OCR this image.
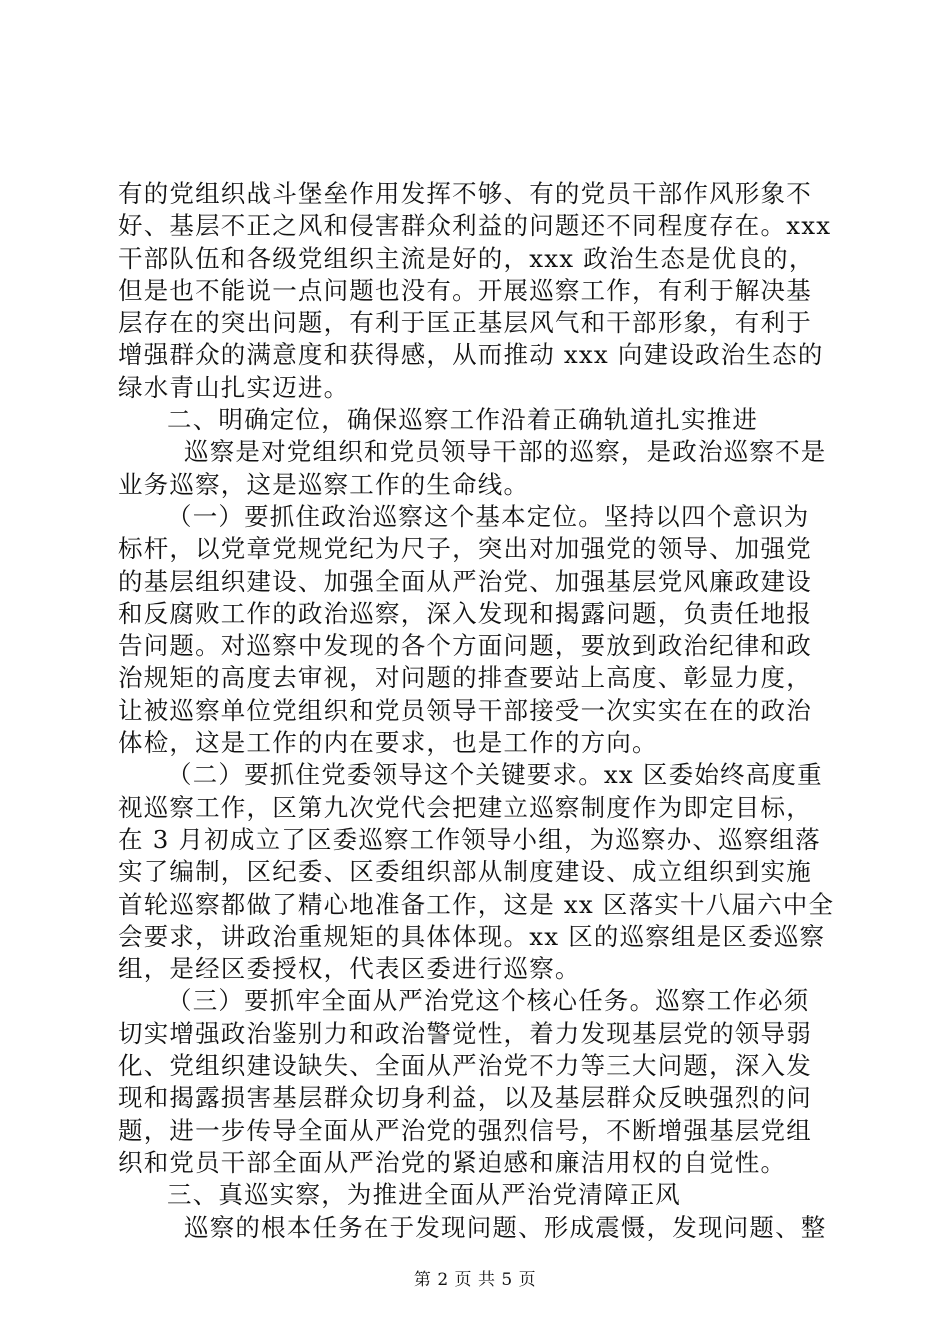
有的党组织战斗堡垒作用发挥不够、有的党员干部作风形象不
好、基层不正之风和侵害群众利益的问题还不同程度存在。xxx
干部队伍和各级党组织主流是好的，xxx 政治生态是优良的，
但是也不能说一点问题也没有。开展巡察工作，有利于解决基
层存在的突出问题，有利于匡正基层风气和干部形象，有利于
增强群众的满意度和获得感，从而推动 xxx 向建设政治生态的
绿水青山扎实迈进。
二、明确定位，确保巡察工作沿着正确轨道扎实推进
巡察是对党组织和党员领导干部的巡察，是政治巡察不是
业务巡察，这是巡察工作的生命线。
（一）要抓住政治巡察这个基本定位。坚持以四个意识为
标杆，以党章党规党纪为尺子，突出对加强党的领导、加强党
的基层组织建设、加强全面从严治党、加强基层党风廉政建设
和反腐败工作的政治巡察，深入发现和揭露问题，负责任地报
告问题。对巡察中发现的各个方面问题，要放到政治纪律和政
治规矩的高度去审视，对问题的排查要站上高度、彰显力度，
让被巡察单位党组织和党员领导干部接受一次实实在在的政治
体检，这是工作的内在要求，也是工作的方向。
（二）要抓住党委领导这个关键要求。xx 区委始终高度重
视巡察工作，区第九次党代会把建立巡察制度作为即定目标，
在 3 月初成立了区委巡察工作领导小组，为巡察办、巡察组落
实了编制，区纪委、区委组织部从制度建设、成立组织到实施
首轮巡察都做了精心地准备工作，这是 xx 区落实十八届六中全
会要求，讲政治重规矩的具体体现。xx 区的巡察组是区委巡察
组，是经区委授权，代表区委进行巡察。
（三）要抓牢全面从严治党这个核心任务。巡察工作必须
切实增强政治鉴别力和政治警觉性，着力发现基层党的领导弱
化、党组织建设缺失、全面从严治党不力等三大问题，深入发
现和揭露损害基层群众切身利益，以及基层群众反映强烈的问
题，进一步传导全面从严治党的强烈信号，不断增强基层党组
织和党员干部全面从严治党的紧迫感和廉洁用权的自觉性。
三、真巡实察，为推进全面从严治党清障正风
巡察的根本任务在于发现问题、形成震慑，发现问题、整
第 2 页 共 5 页
